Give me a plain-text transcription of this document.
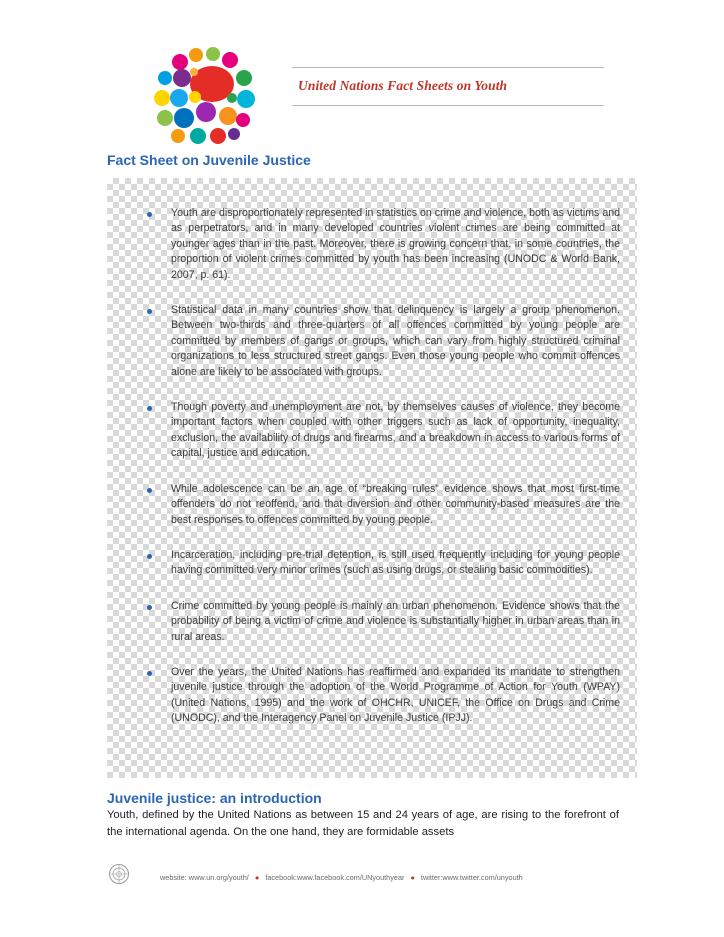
United Nations Fact Sheets on Youth
Fact Sheet on Juvenile Justice
Youth are disproportionately represented in statistics on crime and violence, both as victims and as perpetrators, and in many developed countries violent crimes are being committed at younger ages than in the past. Moreover, there is growing concern that, in some countries, the proportion of violent crimes committed by youth has been increasing (UNODC & World Bank, 2007, p. 61).
Statistical data in many countries show that delinquency is largely a group phenomenon. Between two-thirds and three-quarters of all offences committed by young people are committed by members of gangs or groups, which can vary from highly structured criminal organizations to less structured street gangs. Even those young people who commit offences alone are likely to be associated with groups.
Though poverty and unemployment are not, by themselves causes of violence, they become important factors when coupled with other triggers such as lack of opportunity, inequality, exclusion, the availability of drugs and firearms, and a breakdown in access to various forms of capital, justice and education.
While adolescence can be an age of “breaking rules” evidence shows that most first-time offenders do not reoffend, and that diversion and other community-based measures are the best responses to offences committed by young people.
Incarceration, including pre-trial detention, is still used frequently including for young people having committed very minor crimes (such as using drugs, or stealing basic commodities).
Crime committed by young people is mainly an urban phenomenon. Evidence shows that the probability of being a victim of crime and violence is substantially higher in urban areas than in rural areas.
Over the years, the United Nations has reaffirmed and expanded its mandate to strengthen juvenile justice through the adoption of the World Programme of Action for Youth (WPAY) (United Nations, 1995) and the work of OHCHR, UNICEF, the Office on Drugs and Crime (UNODC), and the Interagency Panel on Juvenile Justice (IPJJ).
Juvenile justice: an introduction

Youth, defined by the United Nations as between 15 and 24 years of age, are rising to the forefront of the international agenda. On the one hand, they are formidable assets

website: www.un.org/youth/ ● facebook:www.facebook.com/UNyouthyear ● twitter:www.twitter.com/unyouth
